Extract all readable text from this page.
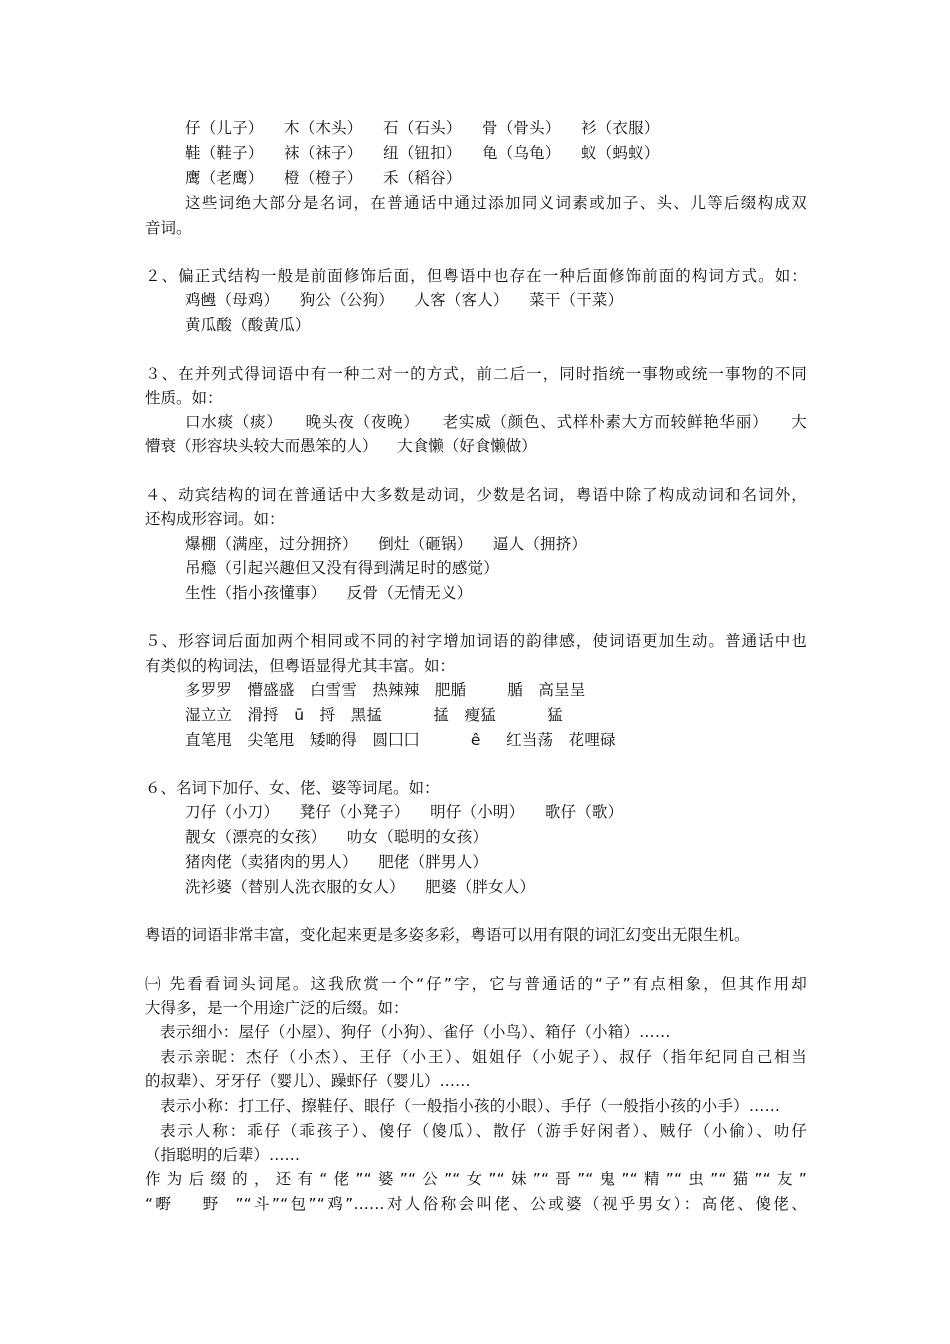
仔（儿子）    木（木头）    石（石头）    骨（骨头）    衫（衣服）
鞋（鞋子）    袜（袜子）    纽（钮扣）    龟（乌龟）    蚁（蚂蚁）
鹰（老鹰）    橙（橙子）    禾（稻谷）
这些词绝大部分是名词，在普通话中通过添加同义词素或加子、头、儿等后缀构成双
音词。
２、偏正式结构一般是前面修饰后面，但粤语中也存在一种后面修饰前面的构词方式。如：
鸡乸（母鸡）    狗公（公狗）    人客（客人）    菜干（干菜）
黄瓜酸（酸黄瓜）
３、在并列式得词语中有一种二对一的方式，前二后一，同时指统一事物或统一事物的不同
性质。如：
口水痰（痰）    晚头夜（夜晚）    老实威（颜色、式样朴素大方而较鲜艳华丽）    大
懵衰（形容块头较大而愚笨的人）    大食懒（好食懒做）
４、动宾结构的词在普通话中大多数是动词，少数是名词，粤语中除了构成动词和名词外，
还构成形容词。如：
爆棚（满座，过分拥挤）    倒灶（砸锅）    逼人（拥挤）
吊瘾（引起兴趣但又没有得到满足时的感觉）
生性（指小孩懂事）    反骨（无情无义）
５、形容词后面加两个相同或不同的衬字增加词语的韵律感，使词语更加生动。普通话中也
有类似的构词法，但粤语显得尤其丰富。如：
多罗罗   懵盛盛   白雪雪   热辣辣   肥腯        腯   高呈呈
湿立立   滑捋   ū   捋   黑掹          掹   瘦猛          猛
直笔甩   尖笔甩   矮啲得   圆囗囗          ê     红当荡   花哩碌
６、名词下加仔、女、佬、婆等词尾。如：
刀仔（小刀）    凳仔（小凳子）    明仔（小明）    歌仔（歌）
靓女（漂亮的女孩）    叻女（聪明的女孩）
猪肉佬（卖猪肉的男人）    肥佬（胖男人）
洗衫婆（替别人洗衣服的女人）    肥婆（胖女人）
粤语的词语非常丰富，变化起来更是多姿多彩，粤语可以用有限的词汇幻变出无限生机。
㈠ 先看看词头词尾。这我欣赏一个“仔”字，它与普通话的“子”有点相象，但其作用却
大得多，是一个用途广泛的后缀。如：
表示细小：屋仔（小屋）、狗仔（小狗）、雀仔（小鸟）、箱仔（小箱）……
表示亲昵：杰仔（小杰）、王仔（小王）、姐姐仔（小妮子）、叔仔（指年纪同自己相当
的叔辈）、牙牙仔（婴儿）、躁虾仔（婴儿）……
表示小称：打工仔、擦鞋仔、眼仔（一般指小孩的小眼）、手仔（一般指小孩的小手）……
表示人称：乖仔（乖孩子）、傻仔（傻瓜）、散仔（游手好闲者）、贼仔（小偷）、叻仔
（指聪明的后辈）……
作为后缀的，还有“佬”“婆”“公”“女”“妹”“哥”“鬼”“精”“虫”“猫”“友”
“嘢    野  ”“斗”“包”“鸡”……对人俗称会叫佬、公或婆（视乎男女）：高佬、傻佬、
